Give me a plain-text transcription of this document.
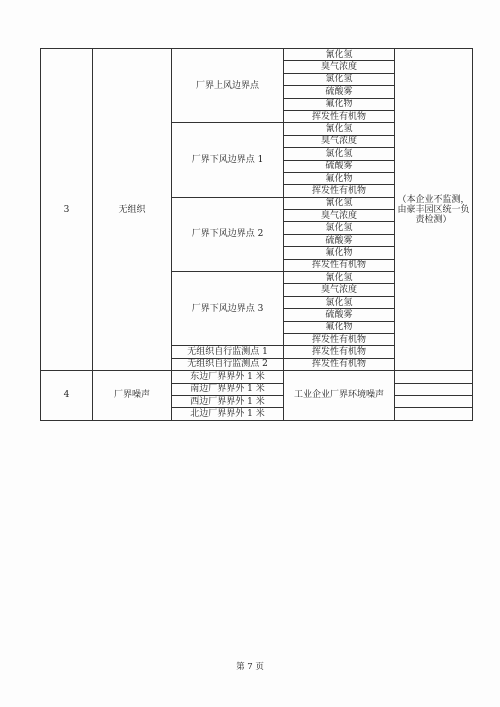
3	无组织	厂界上风边界点	氰化氢	（本企业不监测，由豪丰园区统一负责检测）
			臭气浓度	
			氯化氢	
			硫酸雾	
			氟化物	
			挥发性有机物	
		厂界下风边界点 1	氰化氢	
			臭气浓度	
			氯化氢	
			硫酸雾	
			氟化物	
			挥发性有机物	
		厂界下风边界点 2	氰化氢	
			臭气浓度	
			氯化氢	
			硫酸雾	
			氟化物	
			挥发性有机物	
		厂界下风边界点 3	氰化氢	
			臭气浓度	
			氯化氢	
			硫酸雾	
			氟化物	
			挥发性有机物	
		无组织自行监测点 1	挥发性有机物	
		无组织自行监测点 2	挥发性有机物	
4	厂界噪声	东边厂界界外 1 米	工业企业厂界环境噪声	
		南边厂界界外 1 米		
		西边厂界界外 1 米		
		北边厂界界外 1 米		
第 7 页
